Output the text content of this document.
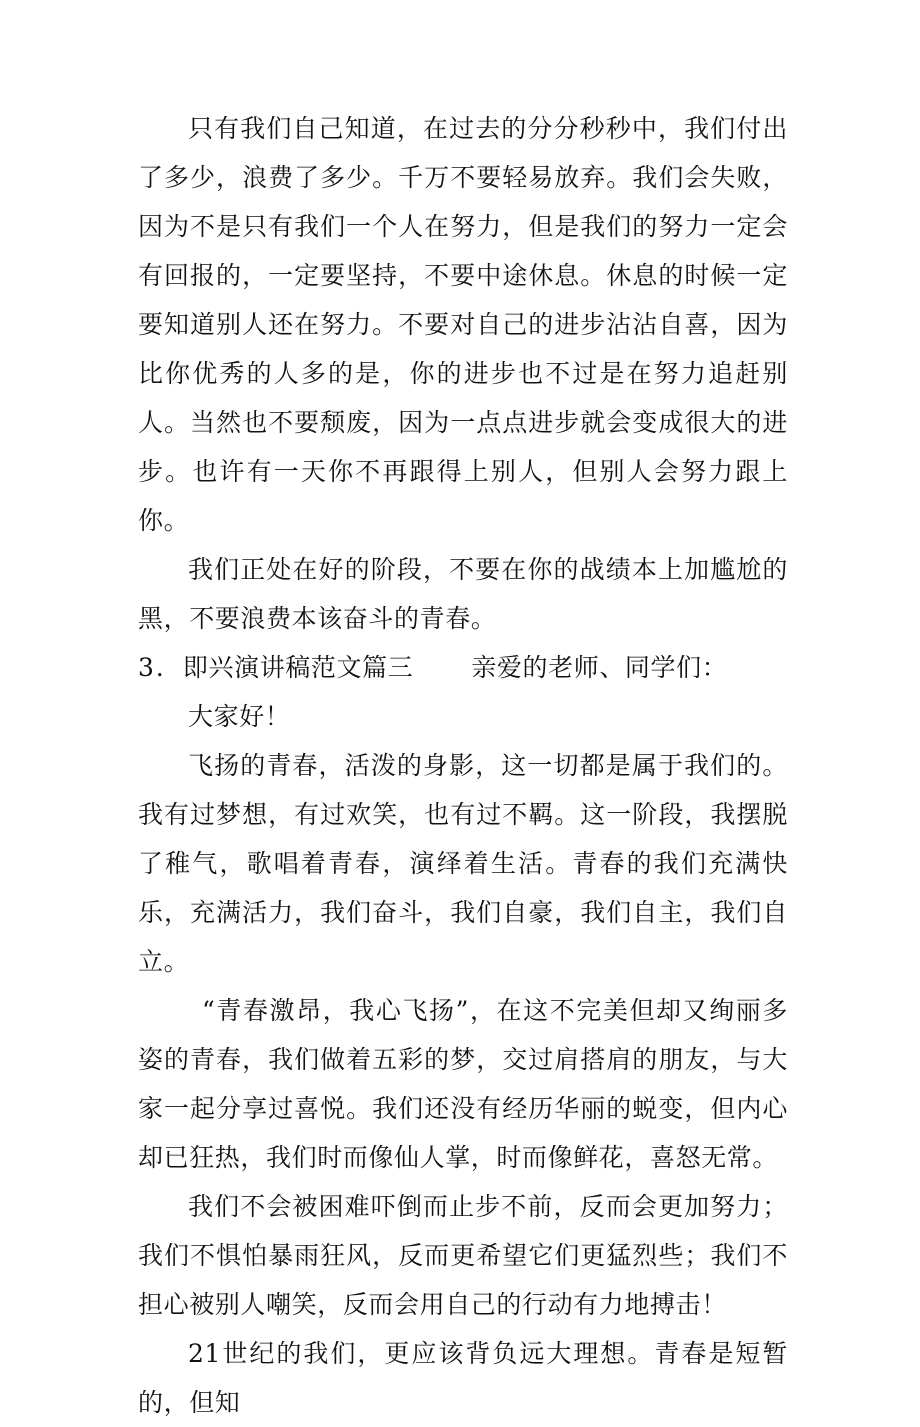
只有我们自己知道，在过去的分分秒秒中，我们付出了多少，浪费了多少。千万不要轻易放弃。我们会失败，因为不是只有我们一个人在努力，但是我们的努力一定会有回报的，一定要坚持，不要中途休息。休息的时候一定要知道别人还在努力。不要对自己的进步沾沾自喜，因为比你优秀的人多的是，你的进步也不过是在努力追赶别人。当然也不要颓废，因为一点点进步就会变成很大的进步。也许有一天你不再跟得上别人，但别人会努力跟上你。

我们正处在好的阶段，不要在你的战绩本上加尴尬的黑，不要浪费本该奋斗的青春。

3．即兴演讲稿范文篇三 亲爱的老师、同学们：

大家好！

飞扬的青春，活泼的身影，这一切都是属于我们的。我有过梦想，有过欢笑，也有过不羁。这一阶段，我摆脱了稚气，歌唱着青春，演绎着生活。青春的我们充满快乐，充满活力，我们奋斗，我们自豪，我们自主，我们自立。

“青春激昂，我心飞扬”，在这不完美但却又绚丽多姿的青春，我们做着五彩的梦，交过肩搭肩的朋友，与大家一起分享过喜悦。我们还没有经历华丽的蜕变，但内心却已狂热，我们时而像仙人掌，时而像鲜花，喜怒无常。

我们不会被困难吓倒而止步不前，反而会更加努力；我们不惧怕暴雨狂风，反而更希望它们更猛烈些；我们不担心被别人嘲笑，反而会用自己的行动有力地搏击！

21世纪的我们，更应该背负远大理想。青春是短暂的，但知
